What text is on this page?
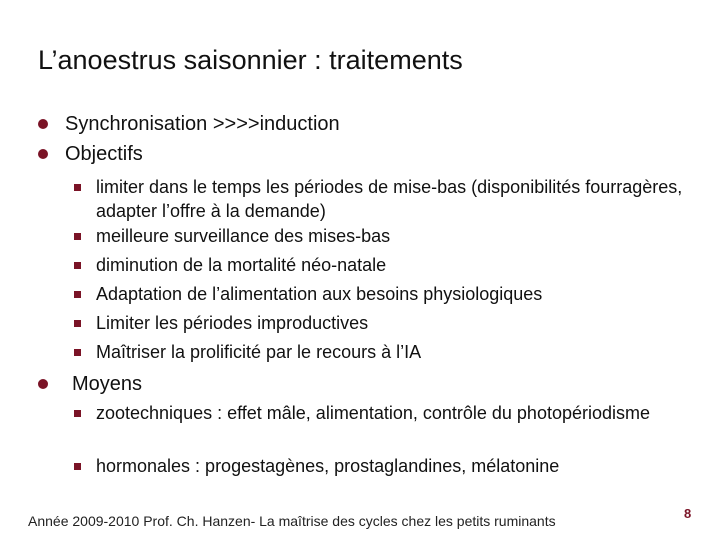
L’anoestrus saisonnier : traitements
Synchronisation >>>>induction
Objectifs
limiter dans le temps les périodes de mise-bas (disponibilités fourragères, adapter l’offre à la demande)
meilleure surveillance des mises-bas
diminution de la mortalité néo-natale
Adaptation de l’alimentation aux besoins physiologiques
Limiter les périodes improductives
Maîtriser la prolificité par le recours à l’IA
Moyens
zootechniques : effet mâle, alimentation, contrôle du photopériodisme
hormonales : progestagènes, prostaglandines, mélatonine
Année 2009-2010 Prof. Ch. Hanzen- La maîtrise des cycles chez les petits ruminants	8
